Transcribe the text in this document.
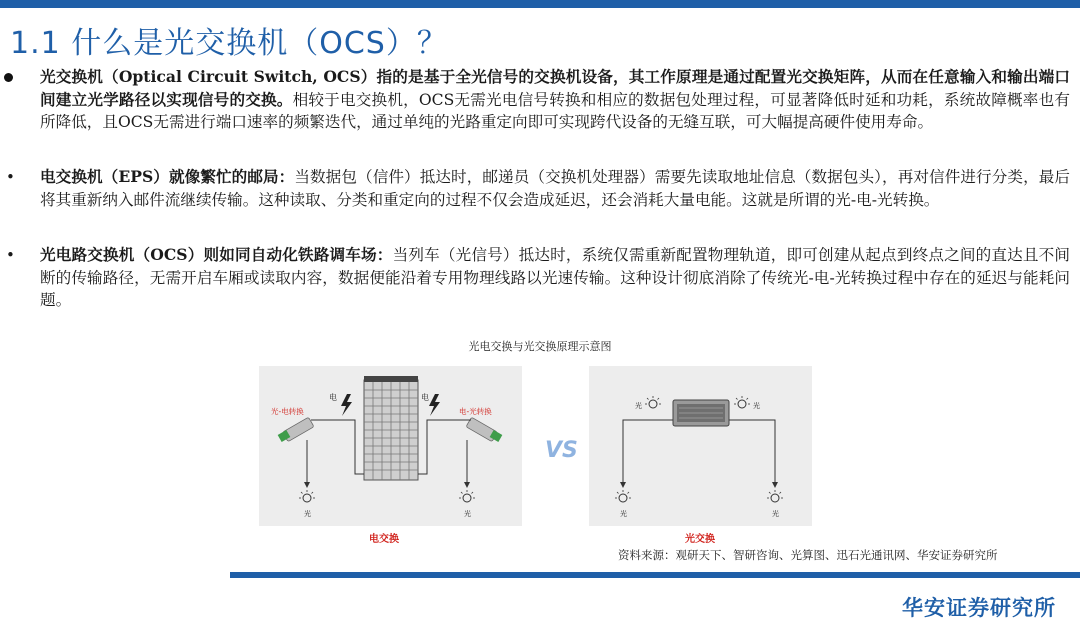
1.1 什么是光交换机（OCS）？
光交换机（Optical Circuit Switch, OCS）指的是基于全光信号的交换机设备，其工作原理是通过配置光交换矩阵，从而在任意输入和输出端口间建立光学路径以实现信号的交换。相较于电交换机，OCS无需光电信号转换和相应的数据包处理过程，可显著降低时延和功耗，系统故障概率也有所降低，且OCS无需进行端口速率的频繁迭代，通过单纯的光路重定向即可实现跨代设备的无缝互联，可大幅提高硬件使用寿命。
•	电交换机（EPS）就像繁忙的邮局：当数据包（信件）抵达时，邮递员（交换机处理器）需要先读取地址信息（数据包头），再对信件进行分类，最后将其重新纳入邮件流继续传输。这种读取、分类和重定向的过程不仅会造成延迟，还会消耗大量电能。这就是所谓的光-电-光转换。
•	光电路交换机（OCS）则如同自动化铁路调车场：当列车（光信号）抵达时，系统仅需重新配置物理轨道，即可创建从起点到终点之间的直达且不间断的传输路径，无需开启车厢或读取内容，数据便能沿着专用物理线路以光速传输。这种设计彻底消除了传统光-电-光转换过程中存在的延迟与能耗问题。
光电交换与光交换原理示意图
电	电
光-电转换	电-光转换
光	光
电交换
VS
光	光
光	光
光交换
资料来源：观研天下、智研咨询、光算图、迅石光通讯网、华安证券研究所
华安证券研究所
